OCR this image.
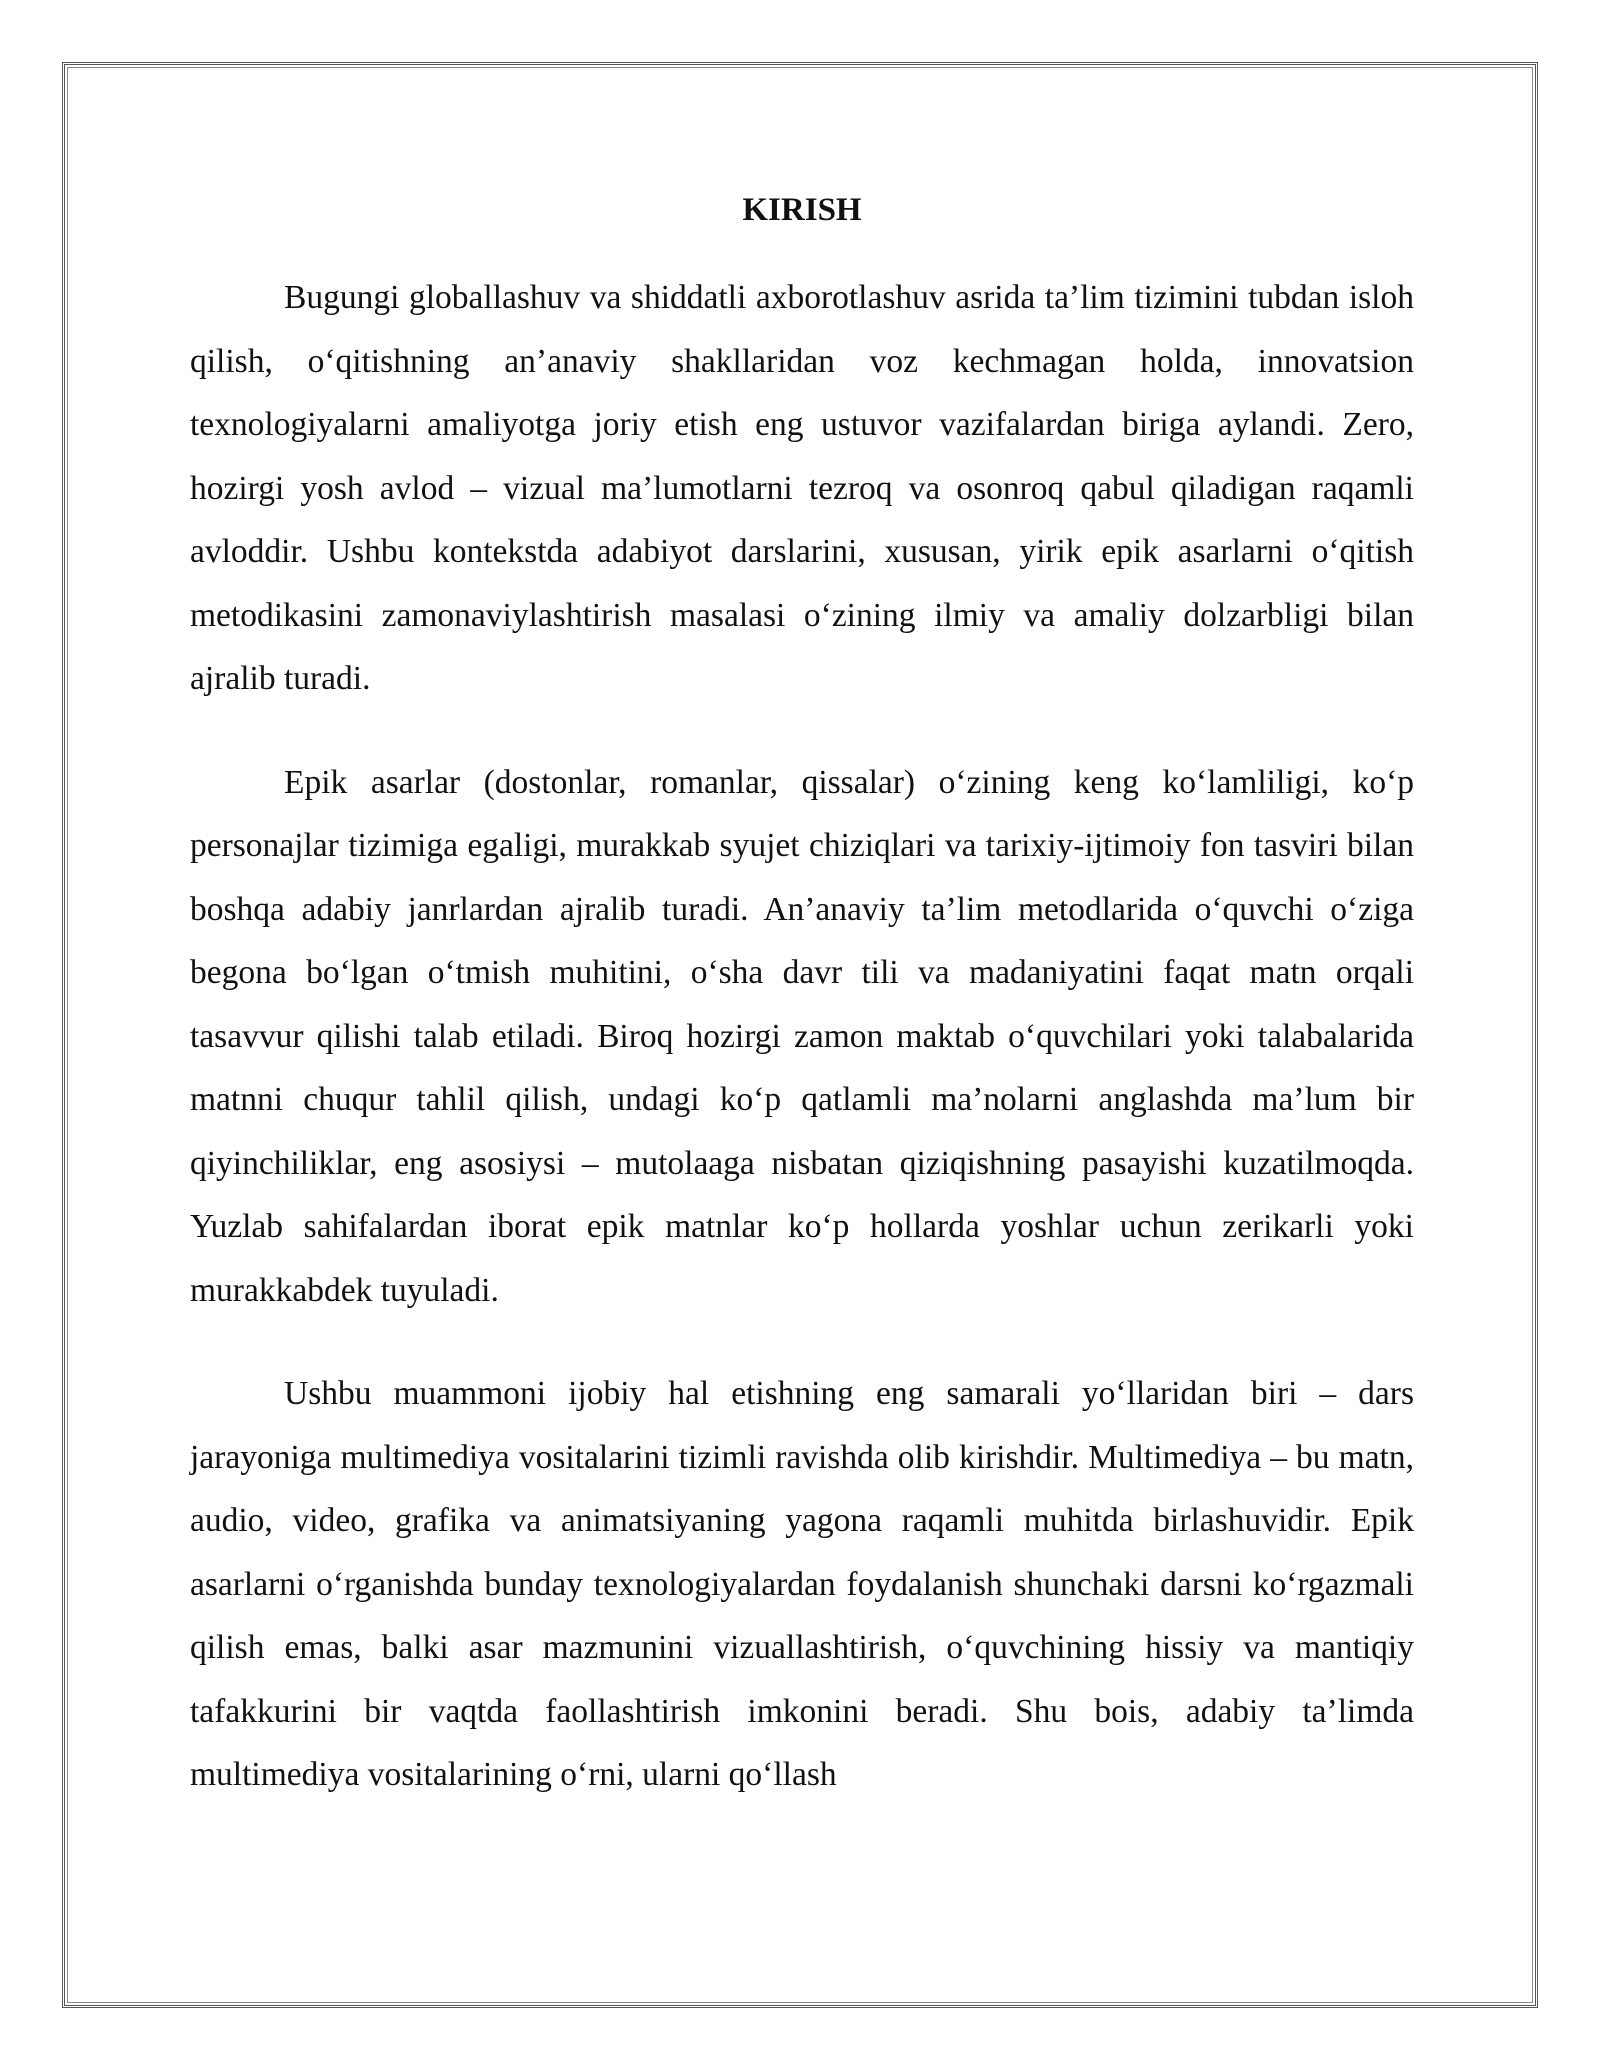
KIRISH

Bugungi globallashuv va shiddatli axborotlashuv asrida ta’lim tizimini tubdan isloh qilish, o‘qitishning an’anaviy shakllaridan voz kechmagan holda, innovatsion texnologiyalarni amaliyotga joriy etish eng ustuvor vazifalardan biriga aylandi. Zero, hozirgi yosh avlod – vizual ma’lumotlarni tezroq va osonroq qabul qiladigan raqamli avloddir. Ushbu kontekstda adabiyot darslarini, xususan, yirik epik asarlarni o‘qitish metodikasini zamonaviylashtirish masalasi o‘zining ilmiy va amaliy dolzarbligi bilan ajralib turadi.

Epik asarlar (dostonlar, romanlar, qissalar) o‘zining keng ko‘lamliligi, ko‘p personajlar tizimiga egaligi, murakkab syujet chiziqlari va tarixiy-ijtimoiy fon tasviri bilan boshqa adabiy janrlardan ajralib turadi. An’anaviy ta’lim metodlarida o‘quvchi o‘ziga begona bo‘lgan o‘tmish muhitini, o‘sha davr tili va madaniyatini faqat matn orqali tasavvur qilishi talab etiladi. Biroq hozirgi zamon maktab o‘quvchilari yoki talabalarida matnni chuqur tahlil qilish, undagi ko‘p qatlamli ma’nolarni anglashda ma’lum bir qiyinchiliklar, eng asosiysi – mutolaaga nisbatan qiziqishning pasayishi kuzatilmoqda. Yuzlab sahifalardan iborat epik matnlar ko‘p hollarda yoshlar uchun zerikarli yoki murakkabdek tuyuladi.

Ushbu muammoni ijobiy hal etishning eng samarali yo‘llaridan biri – dars jarayoniga multimediya vositalarini tizimli ravishda olib kirishdir. Multimediya – bu matn, audio, video, grafika va animatsiyaning yagona raqamli muhitda birlashuvidir. Epik asarlarni o‘rganishda bunday texnologiyalardan foydalanish shunchaki darsni ko‘rgazmali qilish emas, balki asar mazmunini vizuallashtirish, o‘quvchining hissiy va mantiqiy tafakkurini bir vaqtda faollashtirish imkonini beradi. Shu bois, adabiy ta’limda multimediya vositalarining o‘rni, ularni qo‘llash
